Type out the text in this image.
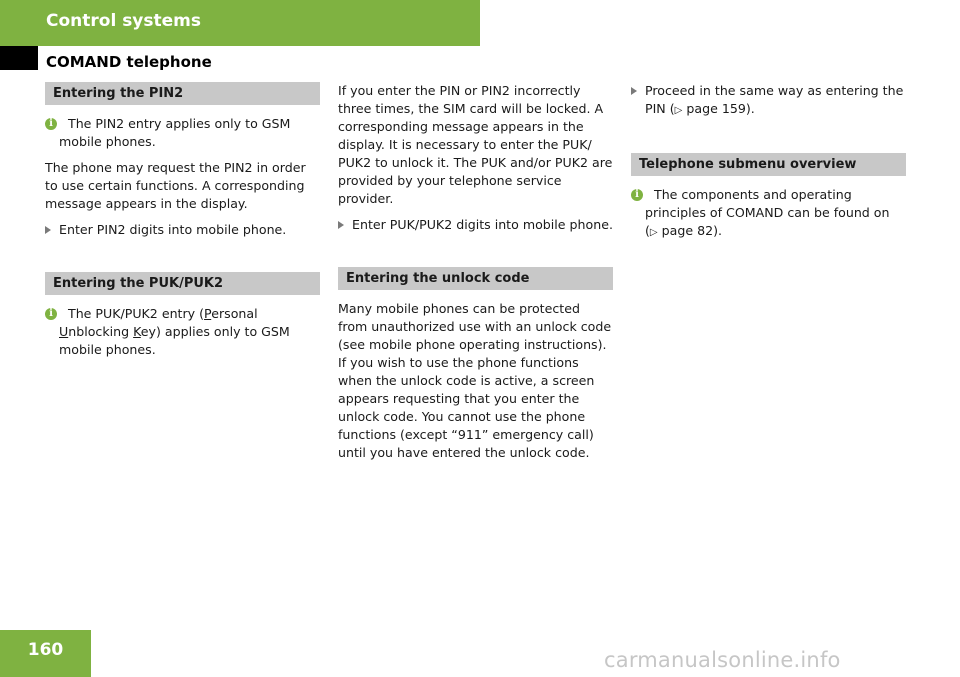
Control systems
COMAND telephone
Entering the PIN2
i	The PIN2 entry applies only to GSM mobile phones.

The phone may request the PIN2 in order to use certain functions. A corresponding message appears in the display.

Enter PIN2 digits into mobile phone.
Entering the PUK/PUK2
i	The PUK/PUK2 entry (Personal Unblocking Key) applies only to GSM mobile phones.

If you enter the PIN or PIN2 incorrectly three times, the SIM card will be locked. A corresponding message appears in the display. It is necessary to enter the PUK/ PUK2 to unlock it. The PUK and/or PUK2 are provided by your telephone service provider.

Enter PUK/PUK2 digits into mobile phone.
Entering the unlock code

Many mobile phones can be protected from unauthorized use with an unlock code (see mobile phone operating instructions). If you wish to use the phone functions when the unlock code is active, a screen appears requesting that you enter the unlock code. You cannot use the phone functions (except “911” emergency call) until you have entered the unlock code.

Proceed in the same way as entering the PIN (▷ page 159).
Telephone submenu overview
i	The components and operating principles of COMAND can be found on (▷ page 82).
160	carmanualsonline.info
